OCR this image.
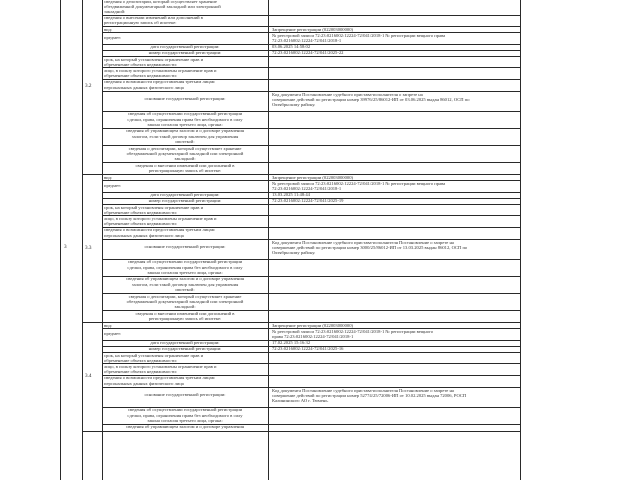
сведения о депозитарии, который осуществляет хранение
обездвиженной документарной закладной или электронной
закладной:
сведения о внесении изменений или дополнений в
регистрационную запись об ипотеке:
вид:	Запрещение регистрации (022003000000)
предмет:	№ реестровой записи 72:23:0216002:12224-72/041/2018-1 № регистрации вещного права
72:23:0216002:12224-72/041/2018-1
дата государственной регистрации:	03.06.2025 14:58:02
номер государственной регистрации:	72:23:0216002:12224-72/041/2025-22
срок, на который установлены ограничение прав и
обременение объекта недвижимости:
лицо, в пользу которого установлены ограничение прав и
обременение объекта недвижимости:
сведения о возможности предоставления третьим лицам
персональных данных физического лица
основание государственной регистрации:
Код документа Постановление судебного пристава-исполнителя о запрете на
совершение действий по регистрации номер 39976/25/86012-ИП от 03.06.2025 выдан 86012, ОСП по
Октябрьскому району.
сведения об осуществлении государственной регистрации
сделки, права, ограничения права без необходимого в силу
закона согласия третьего лица, органа:
сведения об управляющем залогом и о договоре управления
залогом, если такой договор заключен для управления
ипотекой:
сведения о депозитарии, который осуществляет хранение
обездвиженной документарной закладной или электронной
закладной:
сведения о внесении изменений или дополнений в
регистрационную запись об ипотеке:
3.2
вид:	Запрещение регистрации (022003000000)
предмет:	№ реестровой записи 72:23:0216002:12224-72/041/2018-1 № регистрации вещного права
72:23:0216002:12224-72/041/2018-1
дата государственной регистрации:	13.03.2025 11:48:44
номер государственной регистрации:	72:23:0216002:12224-72/041/2025-19
срок, на который установлены ограничение прав и
обременение объекта недвижимости:
лицо, в пользу которого установлены ограничение прав и
обременение объекта недвижимости:
сведения о возможности предоставления третьим лицам
персональных данных физического лица
основание государственной регистрации:
Код документа Постановление судебного пристава-исполнителя Постановление о запрете на
совершение действий по регистрации номер 3000/25/86012-ИП от 13.03.2025 выдан 86012, ОСП по
Октябрьскому району.
сведения об осуществлении государственной регистрации
сделки, права, ограничения права без необходимого в силу
закона согласия третьего лица, органа:
сведения об управляющем залогом и о договоре управления
залогом, если такой договор заключен для управления
ипотекой:
сведения о депозитарии, который осуществляет хранение
обездвиженной документарной закладной или электронной
закладной:
сведения о внесении изменений или дополнений в
регистрационную запись об ипотеке:
3.3
вид:	Запрещение регистрации (022003000000)
предмет:	№ реестровой записи 72:23:0216002:12224-72/041/2018-1 № регистрации вещного
права 72:23:0216002:12224-72/041/2018-1
дата государственной регистрации:	17.02.2025 15:16:32
номер государственной регистрации:	72:23:0216002:12224-72/041/2025-16
срок, на который установлены ограничение прав и
обременение объекта недвижимости:
лицо, в пользу которого установлены ограничение прав и
обременение объекта недвижимости:
сведения о возможности предоставления третьим лицам
персональных данных физического лица
основание государственной регистрации:
Код документа Постановление судебного пристава-исполнителя Постановление о запрете на
совершение действий по регистрации номер 52774/25/72006-ИП от 10.02.2025 выдан 72006, РОСП
Калининского АО г. Тюмень.
сведения об осуществлении государственной регистрации
сделки, права, ограничения права без необходимого в силу
закона согласия третьего лица, органа:
сведения об управляющем залогом и о договоре управления
3.4
3
